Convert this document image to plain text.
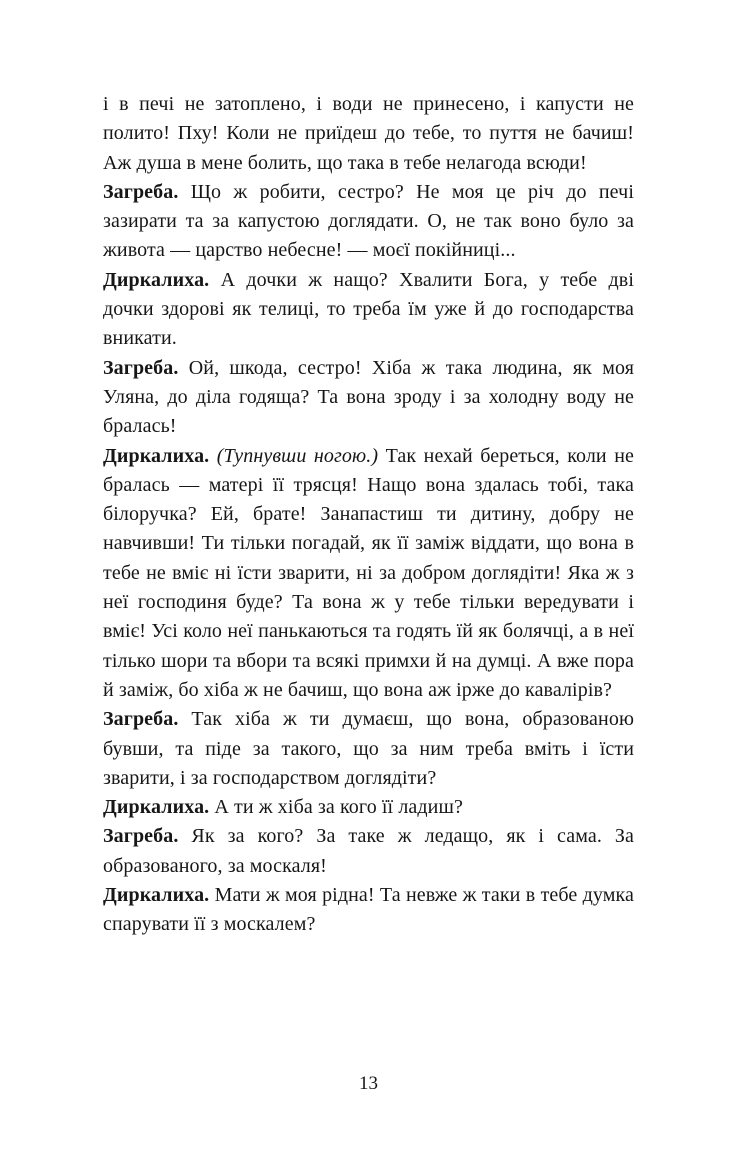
і в печі не затоплено, і води не принесено, і капусти не полито! Пху! Коли не приїдеш до тебе, то пуття не бачиш! Аж душа в мене болить, що така в тебе нелагода всюди!

Загреба. Що ж робити, сестро? Не моя це річ до печі зазирати та за капустою доглядати. О, не так воно було за живота — царство небесне! — моєї покійниці...

Диркалиха. А дочки ж нащо? Хвалити Бога, у тебе дві дочки здорові як телиці, то треба їм уже й до господарства вникати.

Загреба. Ой, шкода, сестро! Хіба ж така людина, як моя Уляна, до діла годяща? Та вона зроду і за холодну воду не бралась!

Диркалиха. (Тупнувши ногою.) Так нехай береться, коли не бралась — матері її трясця! Нащо вона здалась тобі, така білоручка? Ей, брате! Занапастиш ти дитину, добру не навчивши! Ти тільки погадай, як її заміж віддати, що вона в тебе не вміє ні їсти зварити, ні за добром доглядіти! Яка ж з неї господиня буде? Та вона ж у тебе тільки вередувати і вміє! Усі коло неї панькаються та годять їй як болячці, а в неї тілько шори та вбори та всякі примхи й на думці. А вже пора й заміж, бо хіба ж не бачиш, що вона аж ірже до кавалірів?

Загреба. Так хіба ж ти думаєш, що вона, образованою бувши, та піде за такого, що за ним треба вміть і їсти зварити, і за господарством доглядіти?

Диркалиха. А ти ж хіба за кого її ладиш?

Загреба. Як за кого? За таке ж ледащо, як і сама. За образованого, за москаля!

Диркалиха. Мати ж моя рідна! Та невже ж таки в тебе думка спарувати її з москалем?

13
